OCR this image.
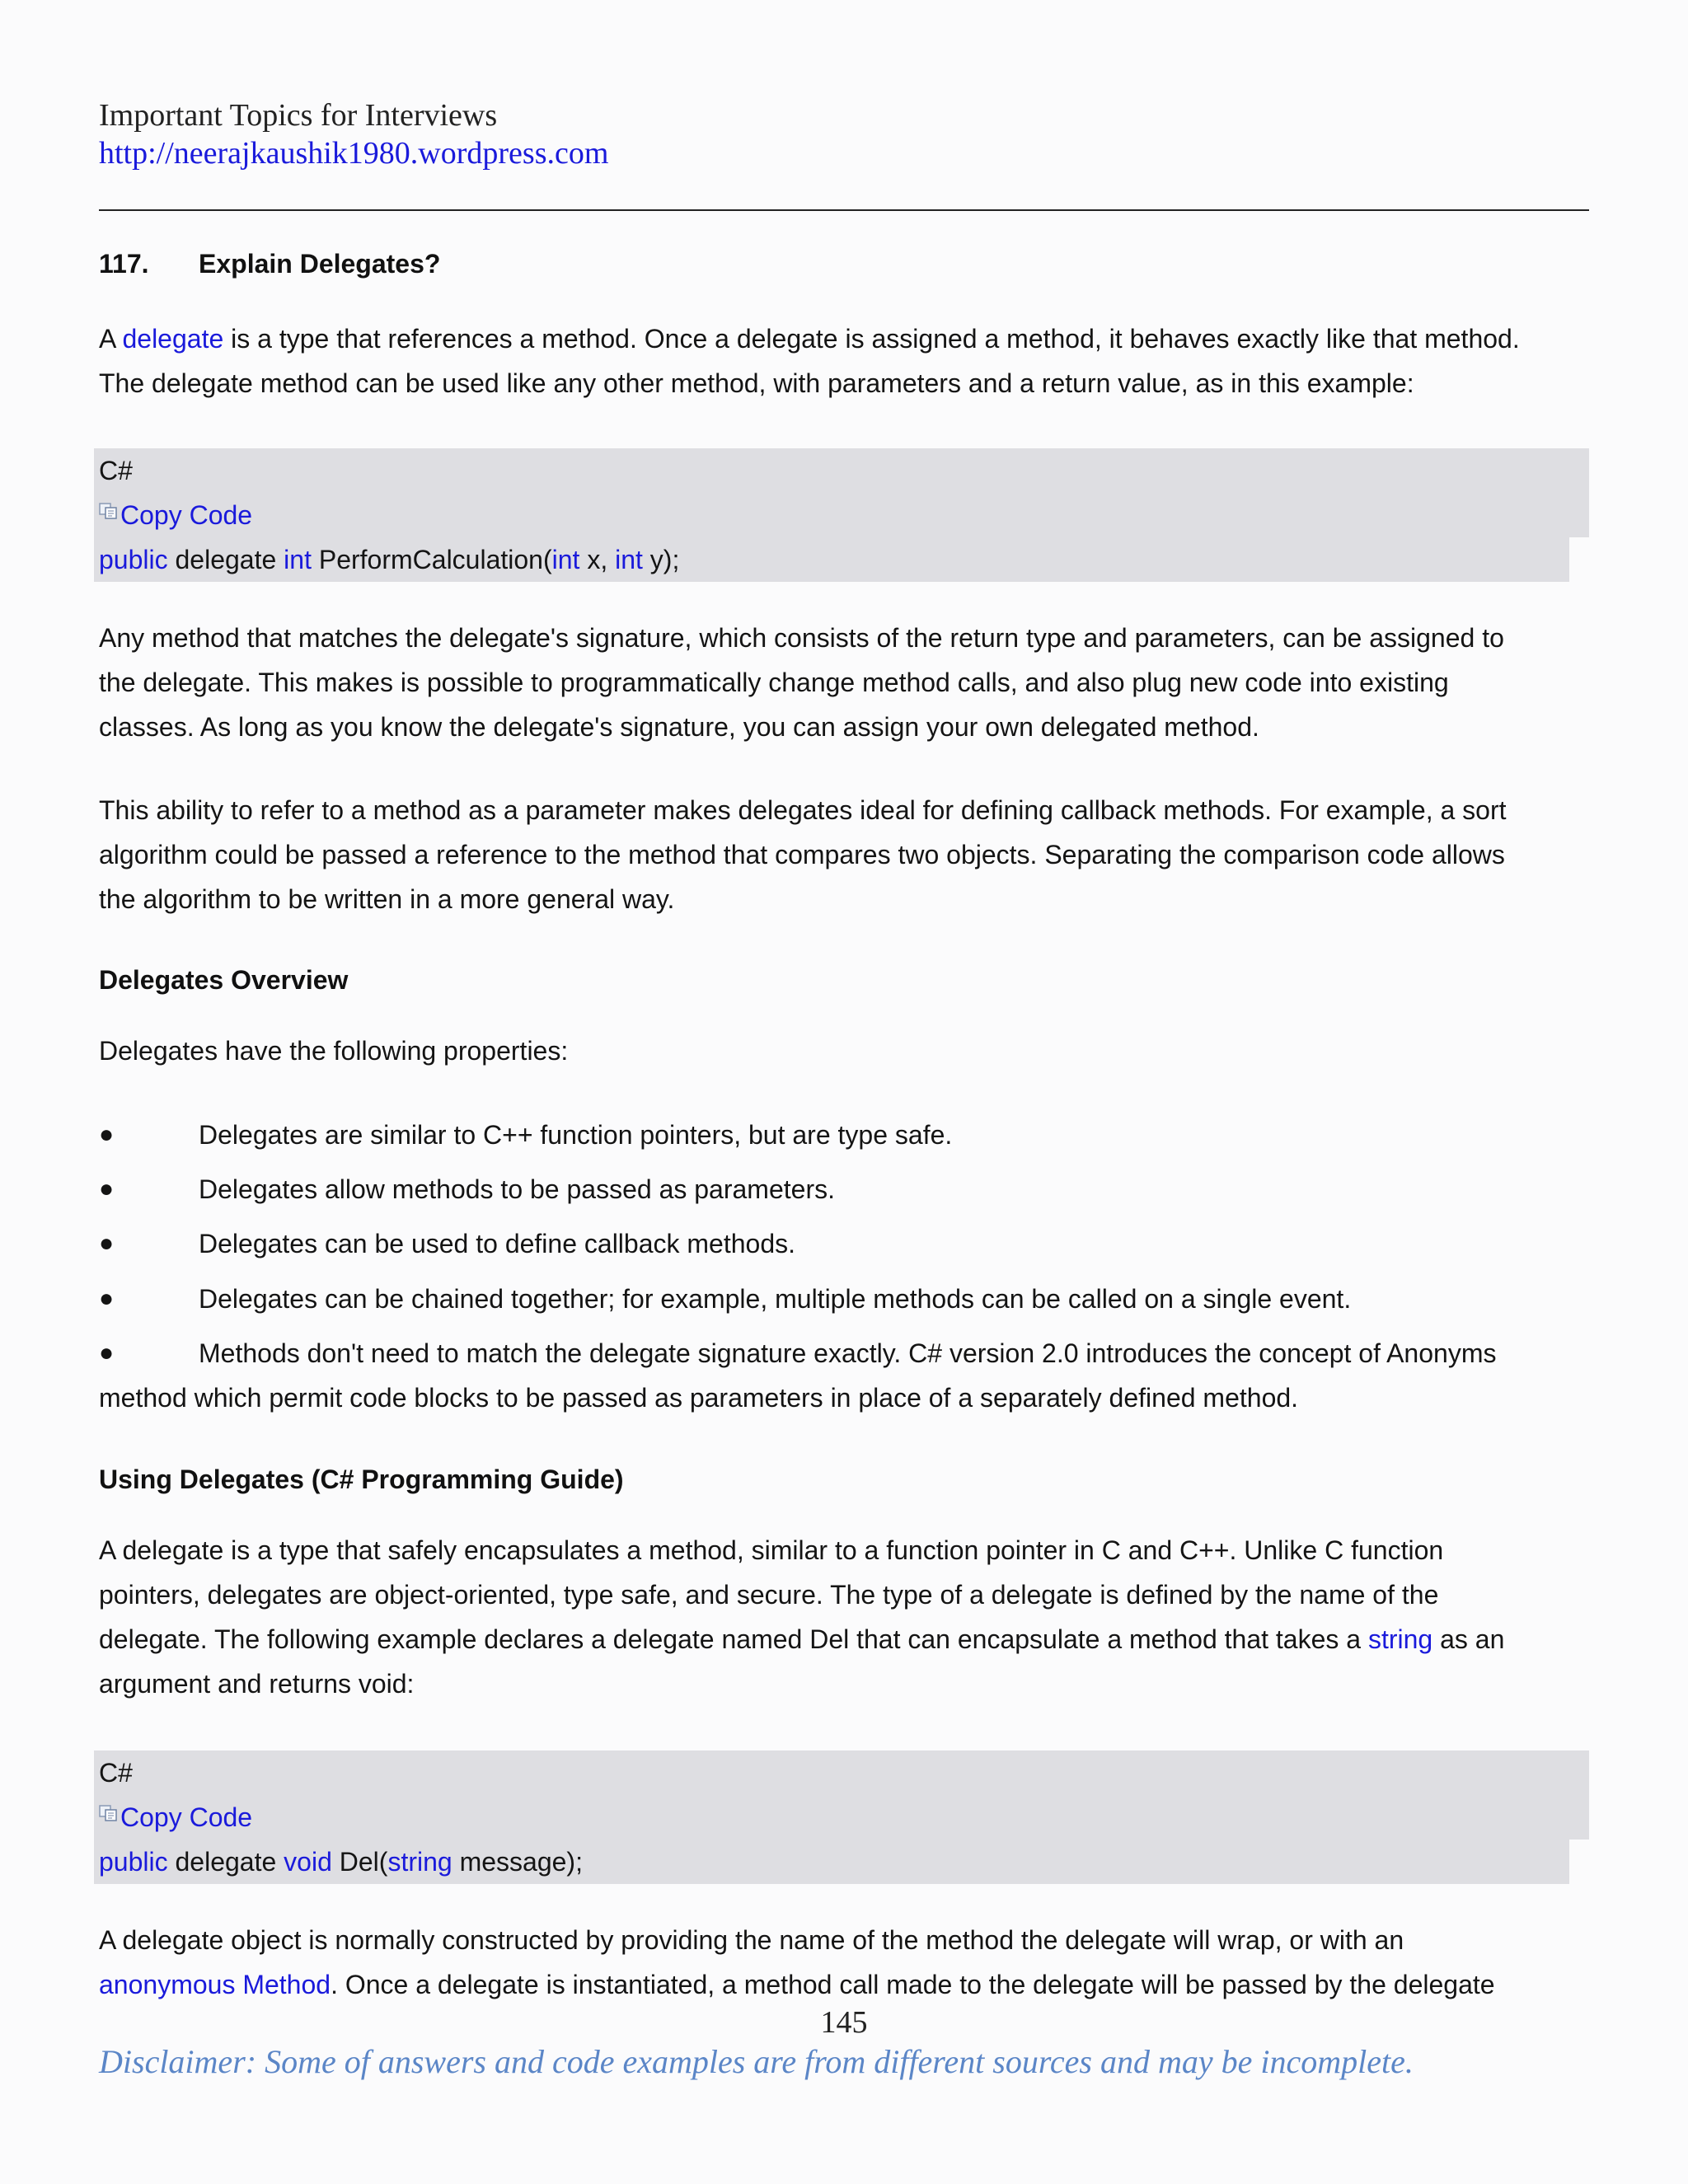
Important Topics for Interviews
http://neerajkaushik1980.wordpress.com
117. Explain Delegates?
A delegate is a type that references a method. Once a delegate is assigned a method, it behaves exactly like that method.
The delegate method can be used like any other method, with parameters and a return value, as in this example:
C#
Copy Code
public delegate int PerformCalculation(int x, int y);
Any method that matches the delegate's signature, which consists of the return type and parameters, can be assigned to
the delegate. This makes is possible to programmatically change method calls, and also plug new code into existing
classes. As long as you know the delegate's signature, you can assign your own delegated method.
This ability to refer to a method as a parameter makes delegates ideal for defining callback methods. For example, a sort
algorithm could be passed a reference to the method that compares two objects. Separating the comparison code allows
the algorithm to be written in a more general way.
Delegates Overview
Delegates have the following properties:
●	Delegates are similar to C++ function pointers, but are type safe.
●	Delegates allow methods to be passed as parameters.
●	Delegates can be used to define callback methods.
●	Delegates can be chained together; for example, multiple methods can be called on a single event.
●	Methods don't need to match the delegate signature exactly. C# version 2.0 introduces the concept of Anonyms
method which permit code blocks to be passed as parameters in place of a separately defined method.
Using Delegates (C# Programming Guide)
A delegate is a type that safely encapsulates a method, similar to a function pointer in C and C++. Unlike C function
pointers, delegates are object-oriented, type safe, and secure. The type of a delegate is defined by the name of the
delegate. The following example declares a delegate named Del that can encapsulate a method that takes a string as an
argument and returns void:
C#
Copy Code
public delegate void Del(string message);
A delegate object is normally constructed by providing the name of the method the delegate will wrap, or with an
anonymous Method. Once a delegate is instantiated, a method call made to the delegate will be passed by the delegate
145
Disclaimer: Some of answers and code examples are from different sources and may be incomplete.
